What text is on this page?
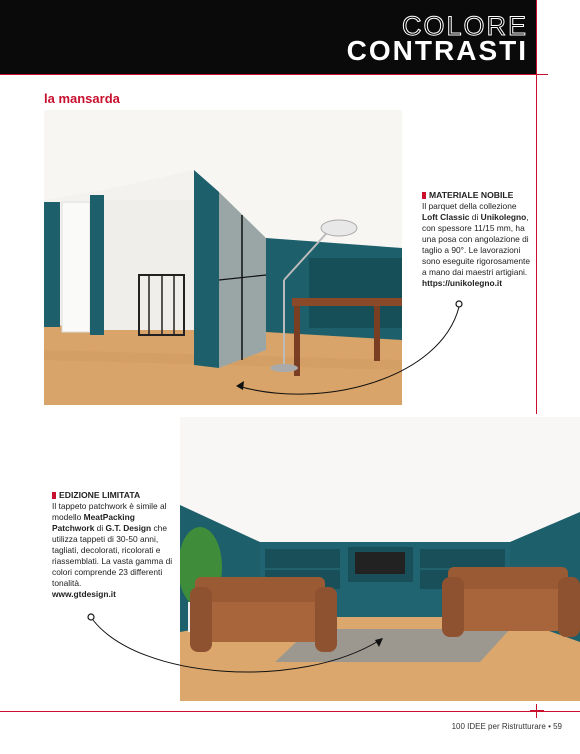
COLORE
CONTRASTI
la mansarda
MATERIALE NOBILE
Il parquet della collezione Loft Classic di Unikolegno, con spessore 11/15 mm, ha una posa con angolazione di taglio a 90°. Le lavorazioni sono eseguite rigorosamente a mano dai maestri artigiani.
https://unikolegno.it
EDIZIONE LIMITATA
Il tappeto patchwork è simile al modello MeatPacking Patchwork di G.T. Design che utilizza tappeti di 30-50 anni, tagliati, decolorati, ricolorati e riassemblati. La vasta gamma di colori comprende 23 differenti tonalità.
www.gtdesign.it
100 IDEE per Ristrutturare • 59
